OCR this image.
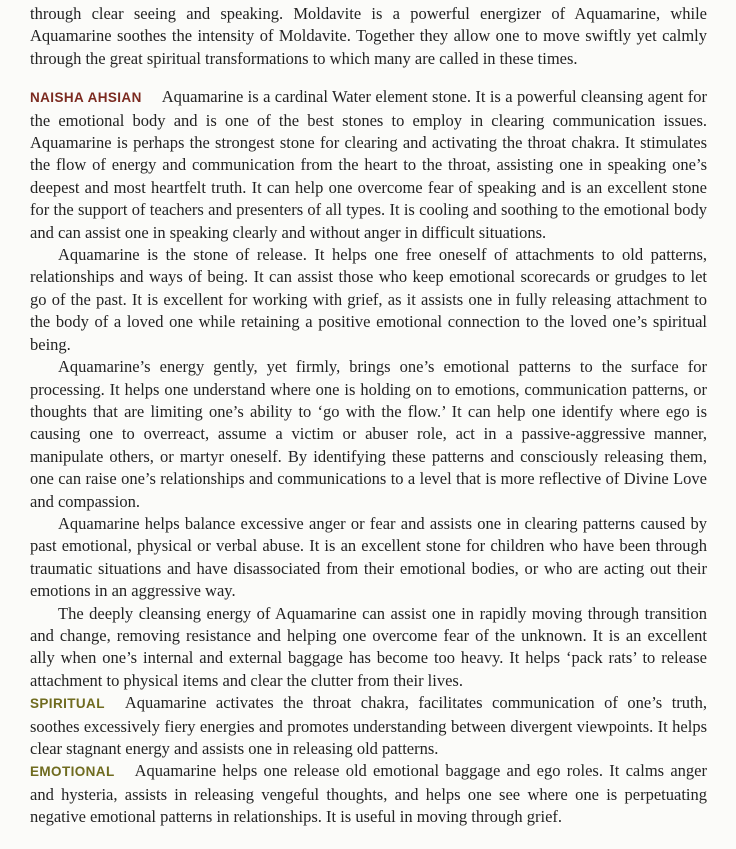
through clear seeing and speaking. Moldavite is a powerful energizer of Aquamarine, while Aquamarine soothes the intensity of Moldavite. Together they allow one to move swiftly yet calmly through the great spiritual transformations to which many are called in these times.

NAISHA AHSIAN Aquamarine is a cardinal Water element stone. It is a powerful cleansing agent for the emotional body and is one of the best stones to employ in clearing communication issues. Aquamarine is perhaps the strongest stone for clearing and activating the throat chakra. It stimulates the flow of energy and communication from the heart to the throat, assisting one in speaking one’s deepest and most heartfelt truth. It can help one overcome fear of speaking and is an excellent stone for the support of teachers and presenters of all types. It is cooling and soothing to the emotional body and can assist one in speaking clearly and without anger in difficult situations.

Aquamarine is the stone of release. It helps one free oneself of attachments to old patterns, relationships and ways of being. It can assist those who keep emotional scorecards or grudges to let go of the past. It is excellent for working with grief, as it assists one in fully releasing attachment to the body of a loved one while retaining a positive emotional connection to the loved one’s spiritual being.

Aquamarine’s energy gently, yet firmly, brings one’s emotional patterns to the surface for processing. It helps one understand where one is holding on to emotions, communication patterns, or thoughts that are limiting one’s ability to ‘go with the flow.’ It can help one identify where ego is causing one to overreact, assume a victim or abuser role, act in a passive-aggressive manner, manipulate others, or martyr oneself. By identifying these patterns and consciously releasing them, one can raise one’s relationships and communications to a level that is more reflective of Divine Love and compassion.

Aquamarine helps balance excessive anger or fear and assists one in clearing patterns caused by past emotional, physical or verbal abuse. It is an excellent stone for children who have been through traumatic situations and have disassociated from their emotional bodies, or who are acting out their emotions in an aggressive way.

The deeply cleansing energy of Aquamarine can assist one in rapidly moving through transition and change, removing resistance and helping one overcome fear of the unknown. It is an excellent ally when one’s internal and external baggage has become too heavy. It helps ‘pack rats’ to release attachment to physical items and clear the clutter from their lives.

SPIRITUAL Aquamarine activates the throat chakra, facilitates communication of one’s truth, soothes excessively fiery energies and promotes understanding between divergent viewpoints. It helps clear stagnant energy and assists one in releasing old patterns.

EMOTIONAL Aquamarine helps one release old emotional baggage and ego roles. It calms anger and hysteria, assists in releasing vengeful thoughts, and helps one see where one is perpetuating negative emotional patterns in relationships. It is useful in moving through grief.
